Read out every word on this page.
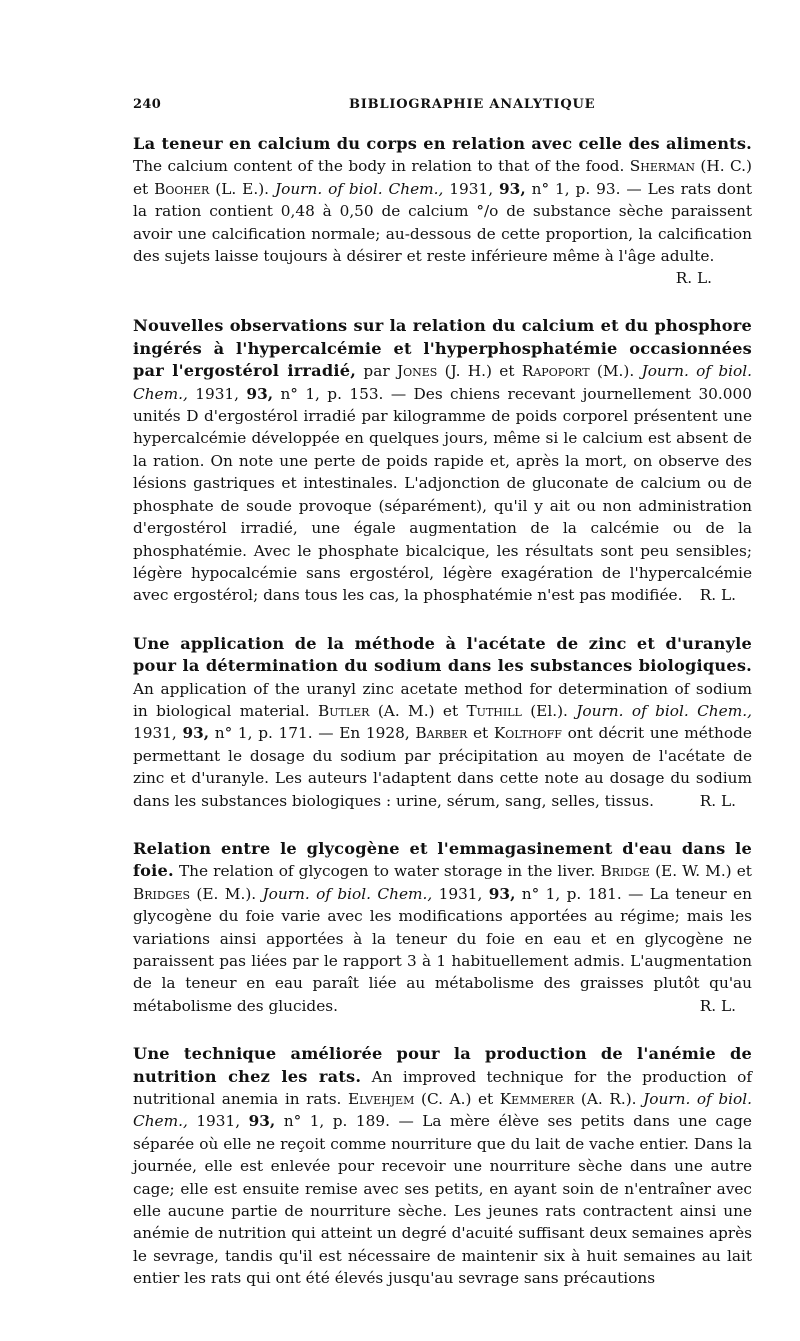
240	BIBLIOGRAPHIE ANALYTIQUE

La teneur en calcium du corps en relation avec celle des aliments. The calcium content of the body in relation to that of the food. Sherman (H. C.) et Booher (L. E.). Journ. of biol. Chem., 1931, 93, n° 1, p. 93. — Les rats dont la ration contient 0,48 à 0,50 de calcium °/o de substance sèche paraissent avoir une calcification normale; au-dessous de cette proportion, la calcification des sujets laisse toujours à désirer et reste inférieure même à l'âge adulte.

R. L.

Nouvelles observations sur la relation du calcium et du phosphore ingérés à l'hypercalcémie et l'hyperphosphatémie occasionnées par l'ergostérol irradié, par Jones (J. H.) et Rapoport (M.). Journ. of biol. Chem., 1931, 93, n° 1, p. 153. — Des chiens recevant journellement 30.000 unités D d'ergostérol irradié par kilogramme de poids corporel présentent une hypercalcémie développée en quelques jours, même si le calcium est absent de la ration. On note une perte de poids rapide et, après la mort, on observe des lésions gastriques et intestinales. L'adjonction de gluconate de calcium ou de phosphate de soude provoque (séparément), qu'il y ait ou non administration d'ergostérol irradié, une égale augmentation de la calcémie ou de la phosphatémie. Avec le phosphate bicalcique, les résultats sont peu sensibles; légère hypocalcémie sans ergostérol, légère exagération de l'hypercalcémie avec ergostérol; dans tous les cas, la phosphatémie n'est pas modifiée. R. L.

Une application de la méthode à l'acétate de zinc et d'uranyle pour la détermination du sodium dans les substances biologiques. An application of the uranyl zinc acetate method for determination of sodium in biological material. Butler (A. M.) et Tuthill (El.). Journ. of biol. Chem., 1931, 93, n° 1, p. 171. — En 1928, Barber et Kolthoff ont décrit une méthode permettant le dosage du sodium par précipitation au moyen de l'acétate de zinc et d'uranyle. Les auteurs l'adaptent dans cette note au dosage du sodium dans les substances biologiques : urine, sérum, sang, selles, tissus.	R. L.

Relation entre le glycogène et l'emmagasinement d'eau dans le foie. The relation of glycogen to water storage in the liver. Bridge (E. W. M.) et Bridges (E. M.). Journ. of biol. Chem., 1931, 93, n° 1, p. 181. — La teneur en glycogène du foie varie avec les modifications apportées au régime; mais les variations ainsi apportées à la teneur du foie en eau et en glycogène ne paraissent pas liées par le rapport 3 à 1 habituellement admis. L'augmentation de la teneur en eau paraît liée au métabolisme des graisses plutôt qu'au métabolisme des glucides.	R. L.

Une technique améliorée pour la production de l'anémie de nutrition chez les rats. An improved technique for the production of nutritional anemia in rats. Elvehjem (C. A.) et Kemmerer (A. R.). Journ. of biol. Chem., 1931, 93, n° 1, p. 189. — La mère élève ses petits dans une cage séparée où elle ne reçoit comme nourriture que du lait de vache entier. Dans la journée, elle est enlevée pour recevoir une nourriture sèche dans une autre cage; elle est ensuite remise avec ses petits, en ayant soin de n'entraîner avec elle aucune partie de nourriture sèche. Les jeunes rats contractent ainsi une anémie de nutrition qui atteint un degré d'acuité suffisant deux semaines après le sevrage, tandis qu'il est nécessaire de maintenir six à huit semaines au lait entier les rats qui ont été élevés jusqu'au sevrage sans précautions
